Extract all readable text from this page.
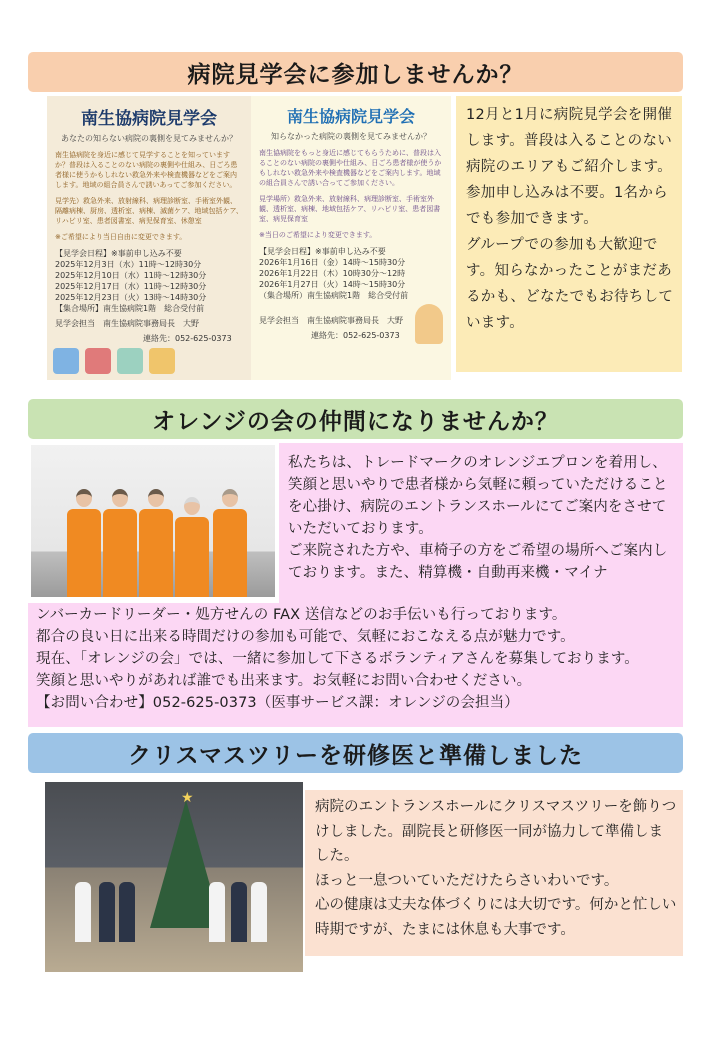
病院見学会に参加しませんか？
南生協病院見学会
あなたの知らない病院の裏側を見てみませんか？
南生協病院を身近に感じて見学することを知っていますか？普段は入ることのない病院の裏側や仕組み、日ごろ患者様に使うかもしれない救急外来や検査機器などをご案内します。地域の組合員さんで誘いあってご参加ください。
見学先）救急外来、放射線科、病理診断室、手術室外観、隔離病棟、厨房、透析室、病棟、滅菌ケア、地域包括ケア、リハビリ室、患者図書室、病児保育室、休憩室
※ご希望により当日自由に変更できます。
【見学会日程】※事前申し込み不要
2025年12月3日（水）11時〜12時30分
2025年12月10日（水）11時〜12時30分
2025年12月17日（水）11時〜12時30分
2025年12月23日（火）13時〜14時30分
【集合場所】南生協病院1階　総合受付前
見学会担当　南生協病院事務局長　大野
連絡先：052-625-0373
南生協病院見学会
知らなかった病院の裏側を見てみませんか？
南生協病院をもっと身近に感じてもらうために、普段は入ることのない病院の裏側や仕組み、日ごろ患者様が使うかもしれない救急外来や検査機器などをご案内します。地域の組合員さんで誘い合ってご参加ください。
見学場所）救急外来、放射線科、病理診断室、手術室外観、透析室、病棟、地域包括ケア、リハビリ室、患者図書室、病児保育室
※当日のご希望により変更できます。
【見学会日程】※事前申し込み不要
2026年1月16日（金）14時〜15時30分
2026年1月22日（木）10時30分〜12時
2026年1月27日（火）14時〜15時30分
（集合場所）南生協病院1階　総合受付前
見学会担当　南生協病院事務局長　大野
連絡先：052-625-0373

12月と1月に病院見学会を開催します。普段は入ることのない病院のエリアもご紹介します。

参加申し込みは不要。1名からでも参加できます。

グループでの参加も大歓迎です。知らなかったことがまだあるかも、どなたでもお待ちしています。

オレンジの会の仲間になりませんか？

私たちは、トレードマークのオレンジエプロンを着用し、笑顔と思いやりで患者様から気軽に頼っていただけることを心掛け、病院のエントランスホールにてご案内をさせていただいております。

ご来院された方や、車椅子の方をご希望の場所へご案内しております。また、精算機・自動再来機・マイナ

ンバーカードリーダー・処方せんの FAX 送信などのお手伝いも行っております。

都合の良い日に出来る時間だけの参加も可能で、気軽におこなえる点が魅力です。

現在、「オレンジの会」では、一緒に参加して下さるボランティアさんを募集しております。

笑顔と思いやりがあれば誰でも出来ます。お気軽にお問い合わせください。

【お問い合わせ】052-625-0373（医事サービス課：オレンジの会担当）

クリスマスツリーを研修医と準備しました
★

病院のエントランスホールにクリスマスツリーを飾りつけしました。副院長と研修医一同が協力して準備しました。

ほっと一息ついていただけたらさいわいです。

心の健康は丈夫な体づくりには大切です。何かと忙しい時期ですが、たまには休息も大事です。
